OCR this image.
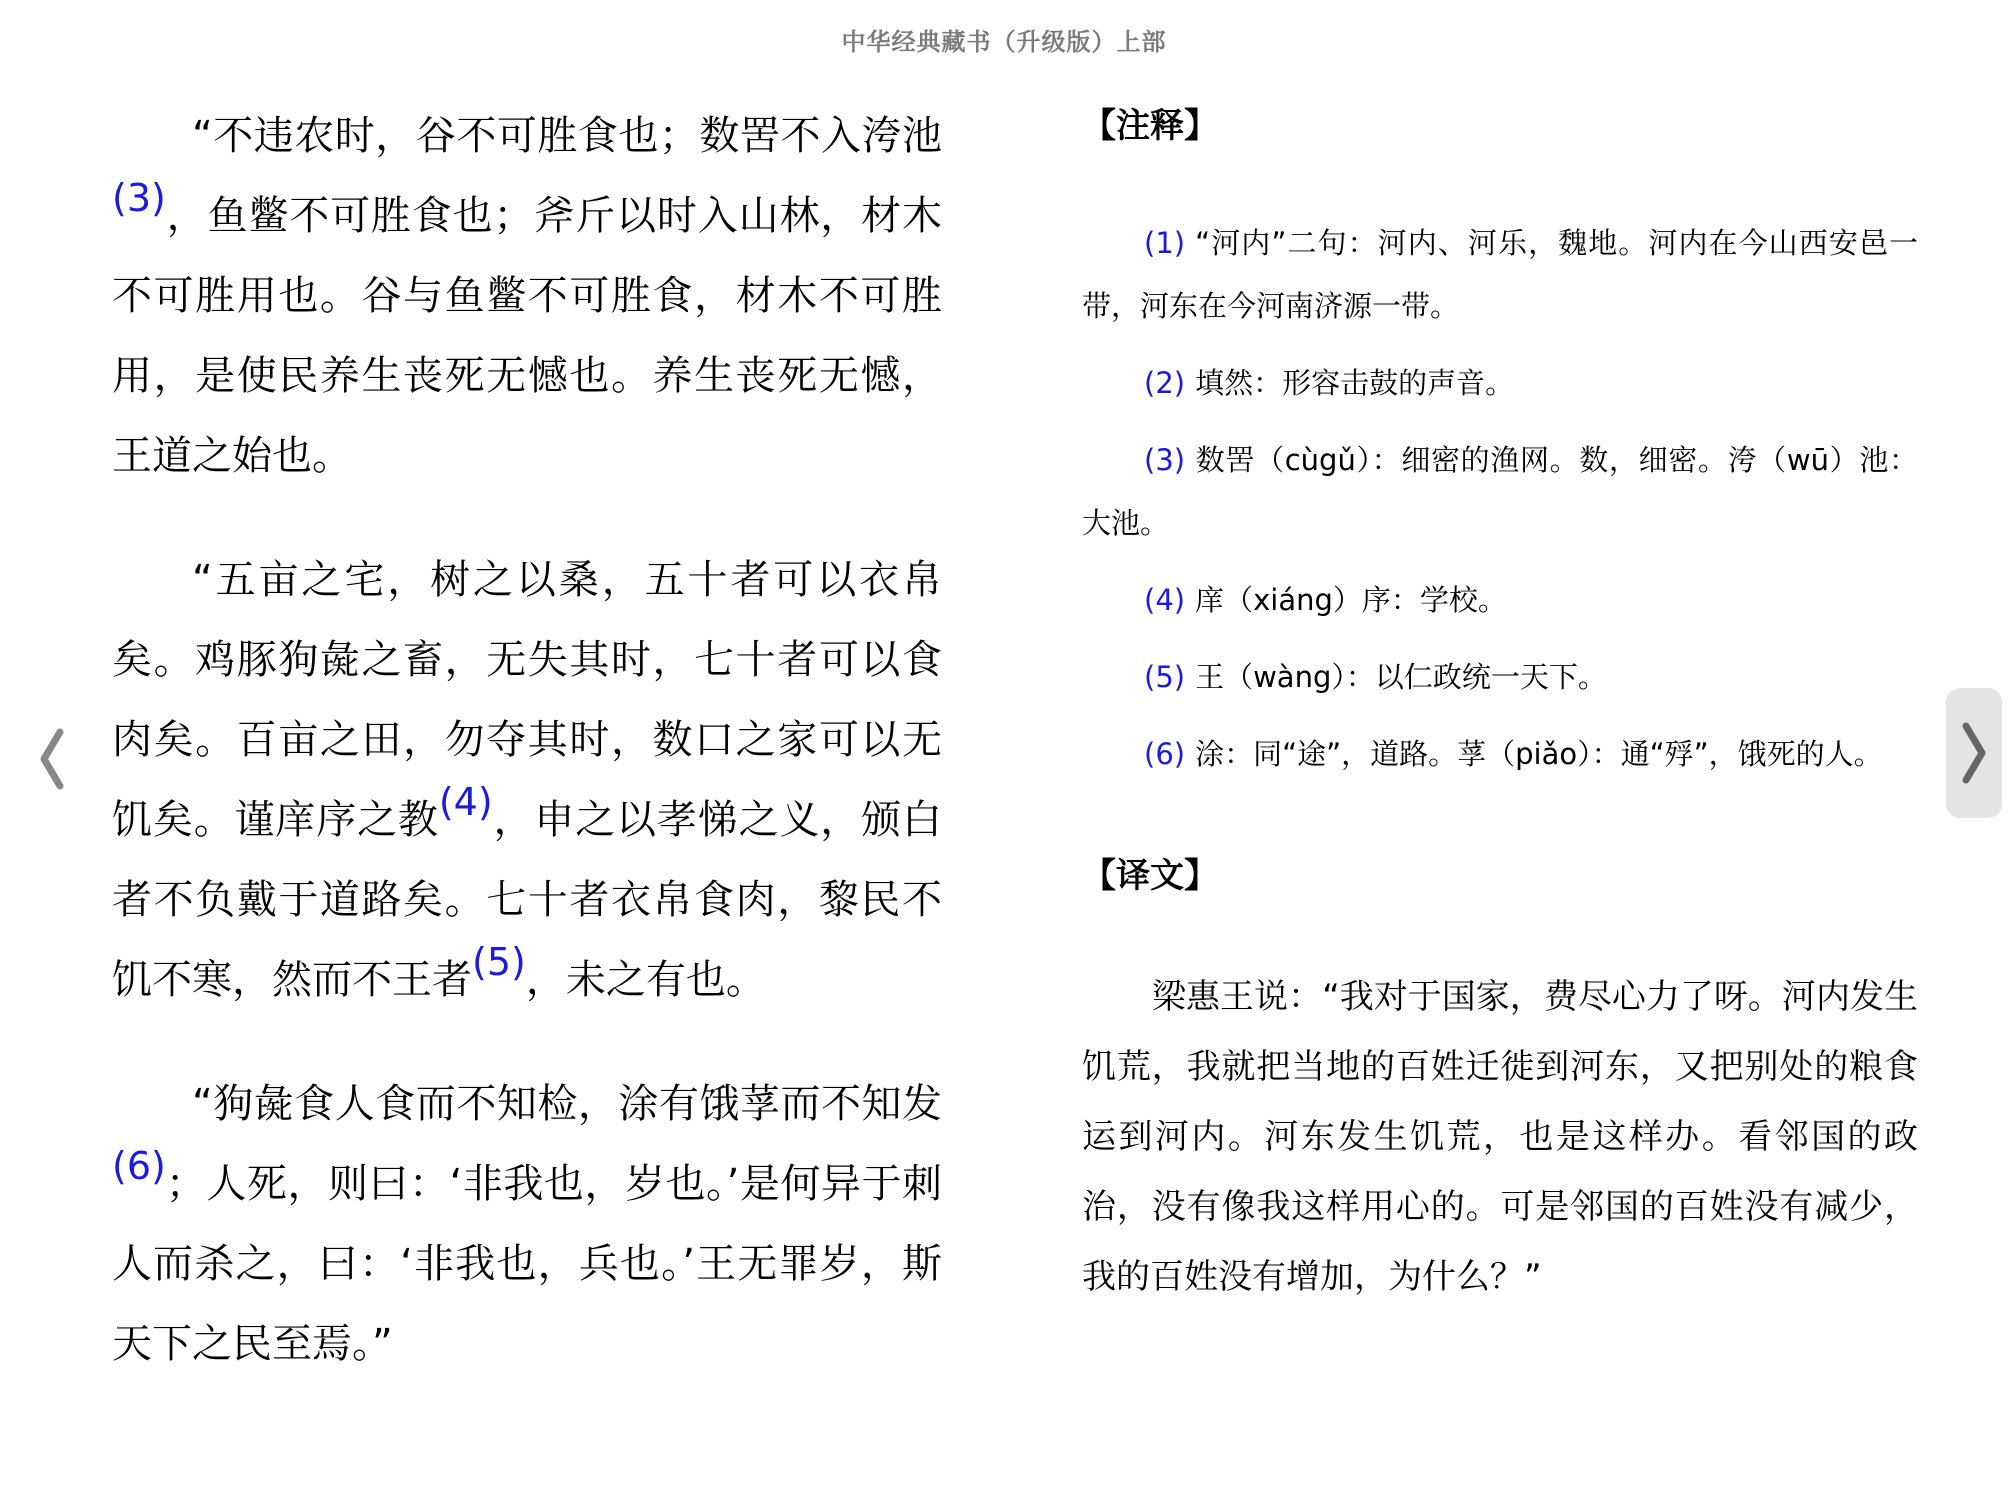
中华经典藏书（升级版）上部

“不违农时，谷不可胜食也；数罟不入洿池(3)，鱼鳖不可胜食也；斧斤以时入山林，材木不可胜用也。谷与鱼鳖不可胜食，材木不可胜用，是使民养生丧死无憾也。养生丧死无憾，王道之始也。

“五亩之宅，树之以桑，五十者可以衣帛矣。鸡豚狗彘之畜，无失其时，七十者可以食肉矣。百亩之田，勿夺其时，数口之家可以无饥矣。谨庠序之教(4)，申之以孝悌之义，颁白者不负戴于道路矣。七十者衣帛食肉，黎民不饥不寒，然而不王者(5)，未之有也。

“狗彘食人食而不知检，涂有饿莩而不知发(6)；人死，则曰：‘非我也，岁也。’是何异于刺人而杀之，曰：‘非我也，兵也。’王无罪岁，斯天下之民至焉。”

【注释】

(1) “河内”二句：河内、河乐，魏地。河内在今山西安邑一带，河东在今河南济源一带。

(2) 填然：形容击鼓的声音。

(3) 数罟（cùgǔ）：细密的渔网。数，细密。洿（wū）池：大池。

(4) 庠（xiáng）序：学校。

(5) 王（wàng）：以仁政统一天下。

(6) 涂：同“途”，道路。莩（piǎo）：通“殍”，饿死的人。

【译文】

梁惠王说：“我对于国家，费尽心力了呀。河内发生饥荒，我就把当地的百姓迁徙到河东，又把别处的粮食运到河内。河东发生饥荒，也是这样办。看邻国的政治，没有像我这样用心的。可是邻国的百姓没有减少，我的百姓没有增加，为什么？”
